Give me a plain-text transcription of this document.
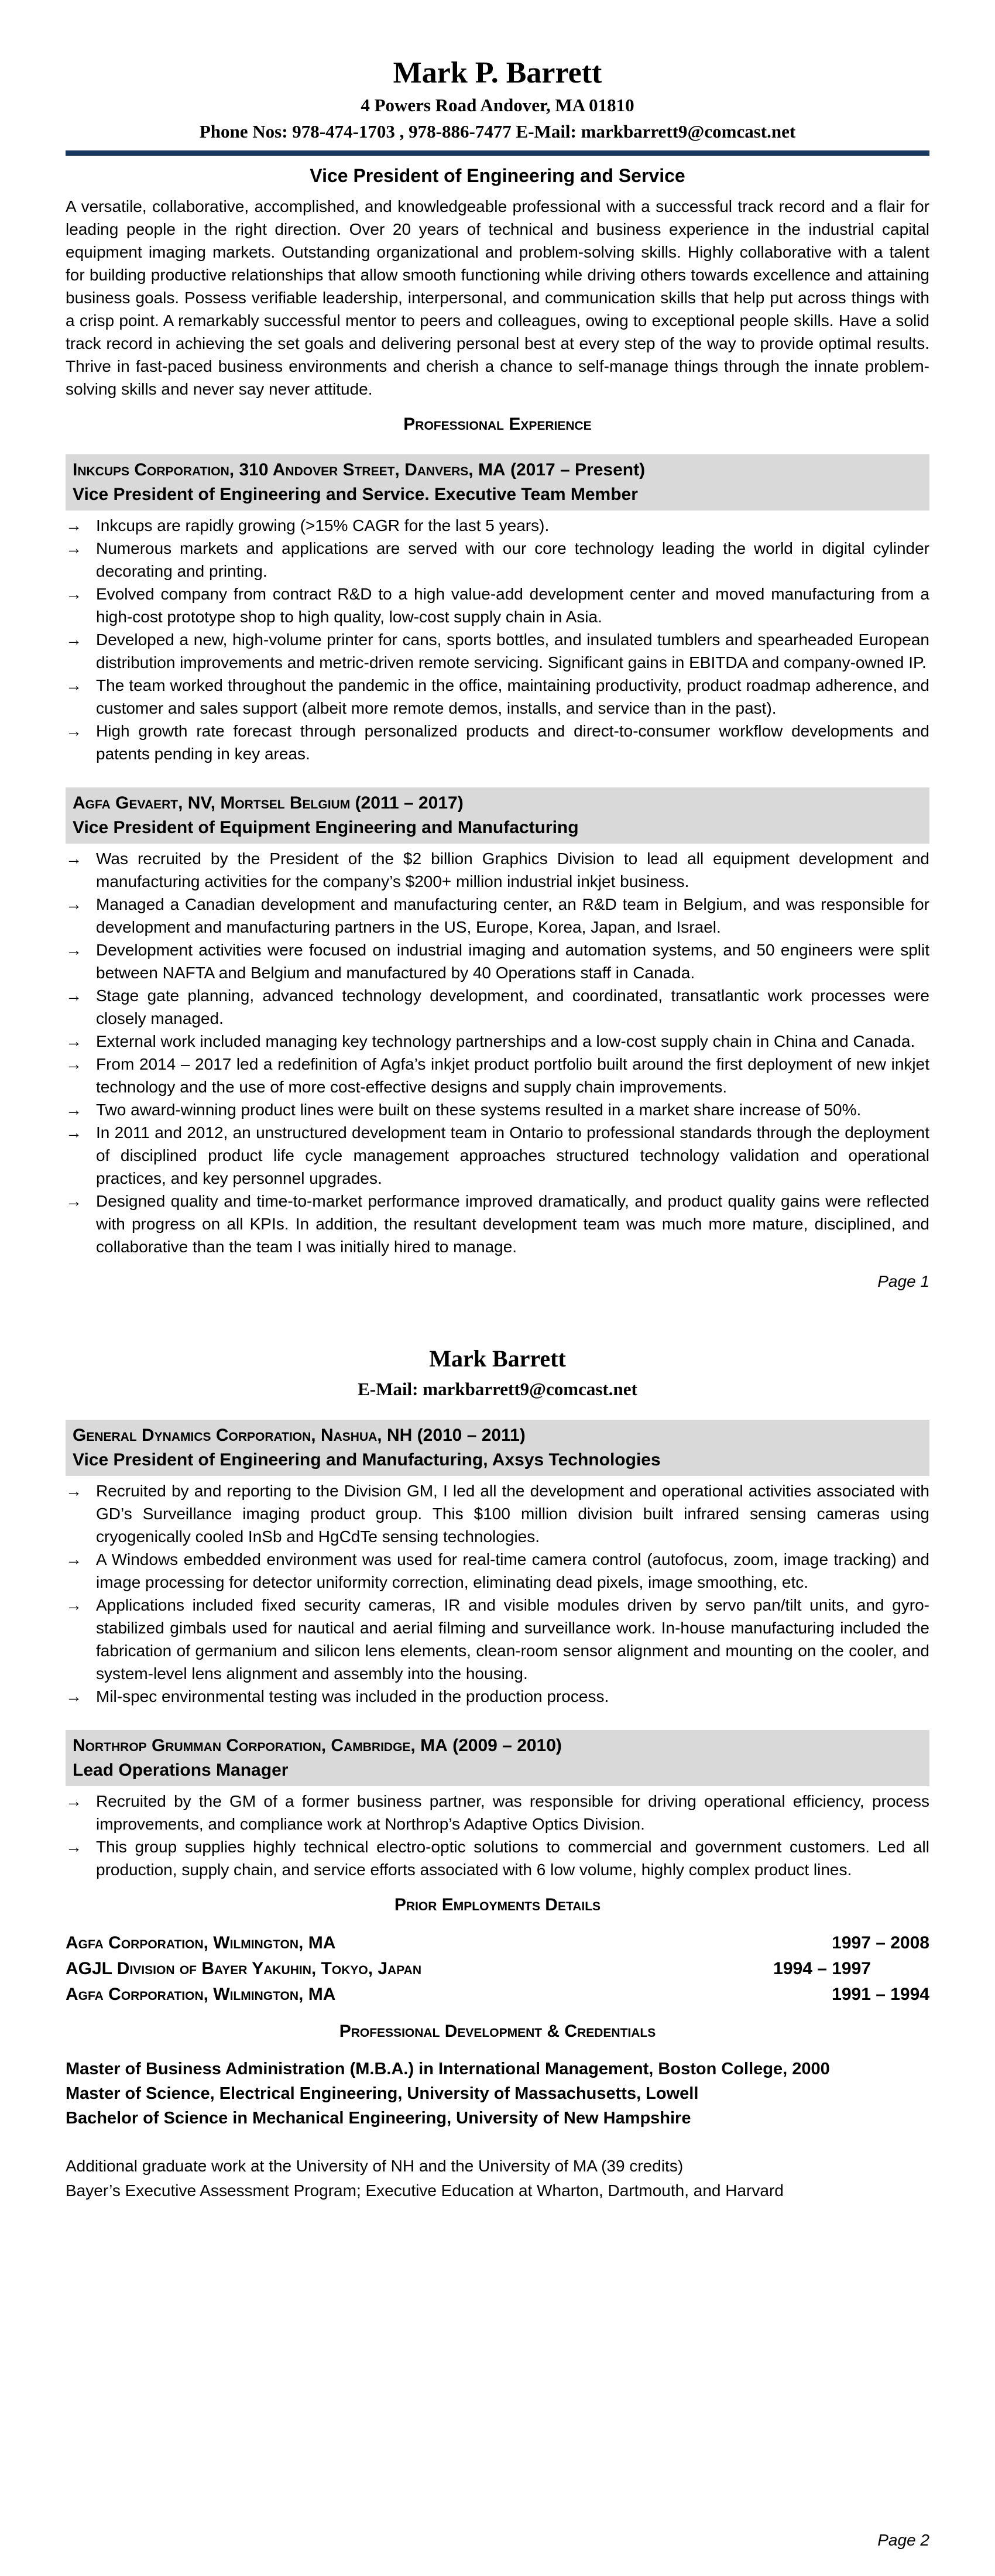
Mark P. Barrett
4 Powers Road Andover, MA 01810
Phone Nos: 978-474-1703 , 978-886-7477 E-Mail: markbarrett9@comcast.net
Vice President of Engineering and Service

A versatile, collaborative, accomplished, and knowledgeable professional with a successful track record and a flair for leading people in the right direction. Over 20 years of technical and business experience in the industrial capital equipment imaging markets. Outstanding organizational and problem-solving skills. Highly collaborative with a talent for building productive relationships that allow smooth functioning while driving others towards excellence and attaining business goals. Possess verifiable leadership, interpersonal, and communication skills that help put across things with a crisp point. A remarkably successful mentor to peers and colleagues, owing to exceptional people skills. Have a solid track record in achieving the set goals and delivering personal best at every step of the way to provide optimal results. Thrive in fast-paced business environments and cherish a chance to self-manage things through the innate problem-solving skills and never say never attitude.

Professional Experience
Inkcups Corporation, 310 Andover Street, Danvers, MA (2017 – Present)
Vice President of Engineering and Service. Executive Team Member
→ Inkcups are rapidly growing (>15% CAGR for the last 5 years).
→ Numerous markets and applications are served with our core technology leading the world in digital cylinder decorating and printing.
→ Evolved company from contract R&D to a high value-add development center and moved manufacturing from a high-cost prototype shop to high quality, low-cost supply chain in Asia.
→ Developed a new, high-volume printer for cans, sports bottles, and insulated tumblers and spearheaded European distribution improvements and metric-driven remote servicing. Significant gains in EBITDA and company-owned IP.
→ The team worked throughout the pandemic in the office, maintaining productivity, product roadmap adherence, and customer and sales support (albeit more remote demos, installs, and service than in the past).
→ High growth rate forecast through personalized products and direct-to-consumer workflow developments and patents pending in key areas.
Agfa Gevaert, NV, Mortsel Belgium (2011 – 2017)
Vice President of Equipment Engineering and Manufacturing
→ Was recruited by the President of the $2 billion Graphics Division to lead all equipment development and manufacturing activities for the company’s $200+ million industrial inkjet business.
→ Managed a Canadian development and manufacturing center, an R&D team in Belgium, and was responsible for development and manufacturing partners in the US, Europe, Korea, Japan, and Israel.
→ Development activities were focused on industrial imaging and automation systems, and 50 engineers were split between NAFTA and Belgium and manufactured by 40 Operations staff in Canada.
→ Stage gate planning, advanced technology development, and coordinated, transatlantic work processes were closely managed.
→ External work included managing key technology partnerships and a low-cost supply chain in China and Canada.
→ From 2014 – 2017 led a redefinition of Agfa’s inkjet product portfolio built around the first deployment of new inkjet technology and the use of more cost-effective designs and supply chain improvements.
→ Two award-winning product lines were built on these systems resulted in a market share increase of 50%.
→ In 2011 and 2012, an unstructured development team in Ontario to professional standards through the deployment of disciplined product life cycle management approaches structured technology validation and operational practices, and key personnel upgrades.
→ Designed quality and time-to-market performance improved dramatically, and product quality gains were reflected with progress on all KPIs. In addition, the resultant development team was much more mature, disciplined, and collaborative than the team I was initially hired to manage.
Page 1
Mark Barrett
E-Mail: markbarrett9@comcast.net
General Dynamics Corporation, Nashua, NH (2010 – 2011)
Vice President of Engineering and Manufacturing, Axsys Technologies
→ Recruited by and reporting to the Division GM, I led all the development and operational activities associated with GD’s Surveillance imaging product group. This $100 million division built infrared sensing cameras using cryogenically cooled InSb and HgCdTe sensing technologies.
→ A Windows embedded environment was used for real-time camera control (autofocus, zoom, image tracking) and image processing for detector uniformity correction, eliminating dead pixels, image smoothing, etc.
→ Applications included fixed security cameras, IR and visible modules driven by servo pan/tilt units, and gyro-stabilized gimbals used for nautical and aerial filming and surveillance work. In-house manufacturing included the fabrication of germanium and silicon lens elements, clean-room sensor alignment and mounting on the cooler, and system-level lens alignment and assembly into the housing.
→ Mil-spec environmental testing was included in the production process.
Northrop Grumman Corporation, Cambridge, MA (2009 – 2010)
Lead Operations Manager
→ Recruited by the GM of a former business partner, was responsible for driving operational efficiency, process improvements, and compliance work at Northrop’s Adaptive Optics Division.
→ This group supplies highly technical electro-optic solutions to commercial and government customers. Led all production, supply chain, and service efforts associated with 6 low volume, highly complex product lines.
Prior Employments Details
Agfa Corporation, Wilmington, MA	1997 – 2008
AGJL Division of Bayer Yakuhin, Tokyo, Japan	1994 – 1997
Agfa Corporation, Wilmington, MA	1991 – 1994
Professional Development & Credentials
Master of Business Administration (M.B.A.) in International Management, Boston College, 2000
Master of Science, Electrical Engineering, University of Massachusetts, Lowell
Bachelor of Science in Mechanical Engineering, University of New Hampshire
Additional graduate work at the University of NH and the University of MA (39 credits)
Bayer’s Executive Assessment Program; Executive Education at Wharton, Dartmouth, and Harvard
Page 2
